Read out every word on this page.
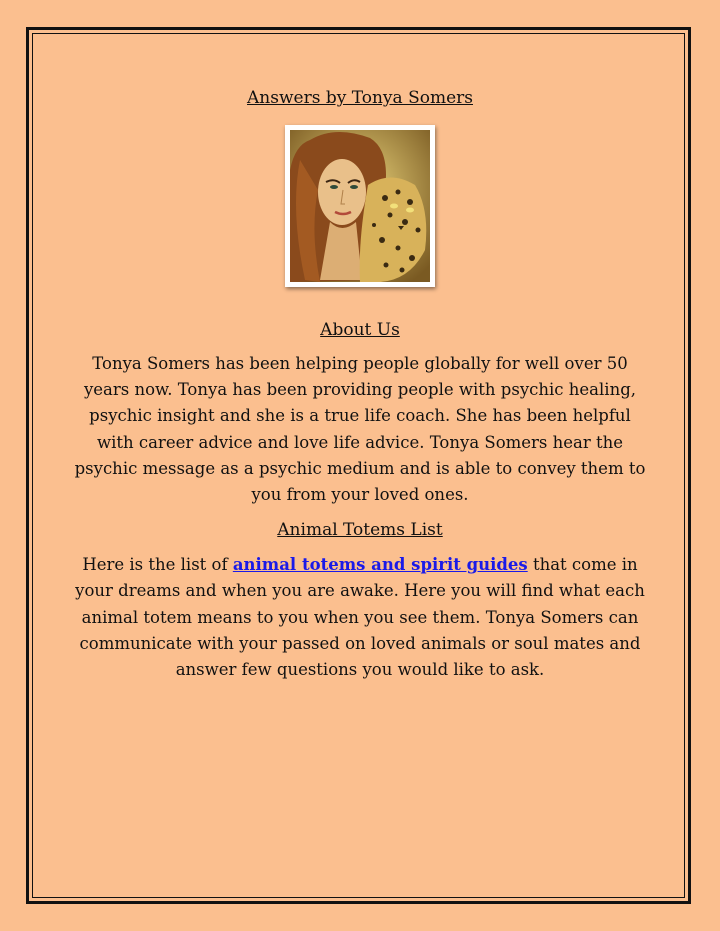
Answers by Tonya Somers
About Us

Tonya Somers has been helping people globally for well over 50 years now. Tonya has been providing people with psychic healing, psychic insight and she is a true life coach. She has been helpful with career advice and love life advice. Tonya Somers hear the psychic message as a psychic medium and is able to convey them to you from your loved ones.

Animal Totems List

Here is the list of animal totems and spirit guides that come in your dreams and when you are awake. Here you will find what each animal totem means to you when you see them. Tonya Somers can communicate with your passed on loved animals or soul mates and answer few questions you would like to ask.
